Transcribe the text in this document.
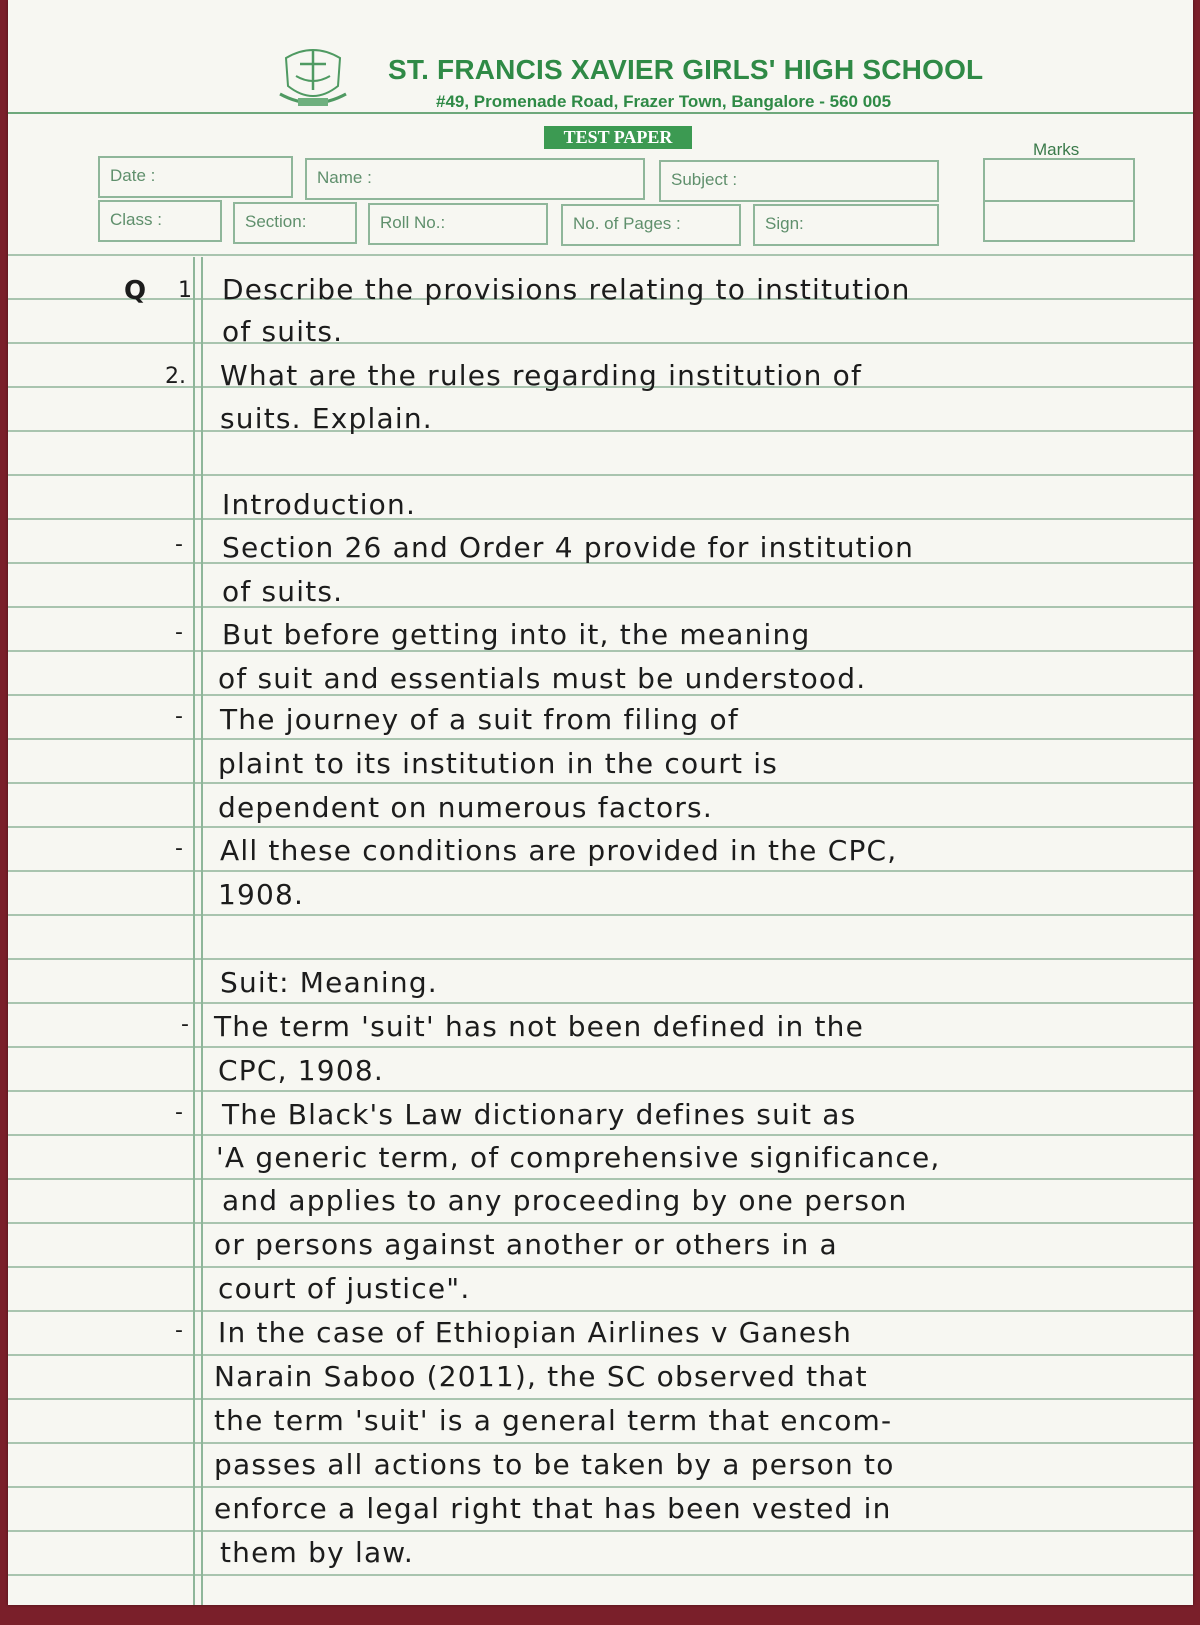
ST. FRANCIS XAVIER GIRLS' HIGH SCHOOL
#49, Promenade Road, Frazer Town, Bangalore - 560 005
TEST PAPER
Marks
Date :	Name :	Subject :
Class :	Section:	Roll No.:	No. of Pages :	Sign:
Q 1 Describe the provisions relating to institution
of suits.
2. What are the rules regarding institution of
suits. Explain.
Introduction.
- Section 26 and Order 4 provide for institution
of suits.
- But before getting into it, the meaning
of suit and essentials must be understood.
- The journey of a suit from filing of
plaint to its institution in the court is
dependent on numerous factors.
- All these conditions are provided in the CPC,
1908.
Suit: Meaning.
- The term 'suit' has not been defined in the
CPC, 1908.
- The Black's Law dictionary defines suit as
'A generic term, of comprehensive significance,
and applies to any proceeding by one person
or persons against another or others in a
court of justice".
- In the case of Ethiopian Airlines v Ganesh
Narain Saboo (2011), the SC observed that
the term 'suit' is a general term that encom-
passes all actions to be taken by a person to
enforce a legal right that has been vested in
them by law.
